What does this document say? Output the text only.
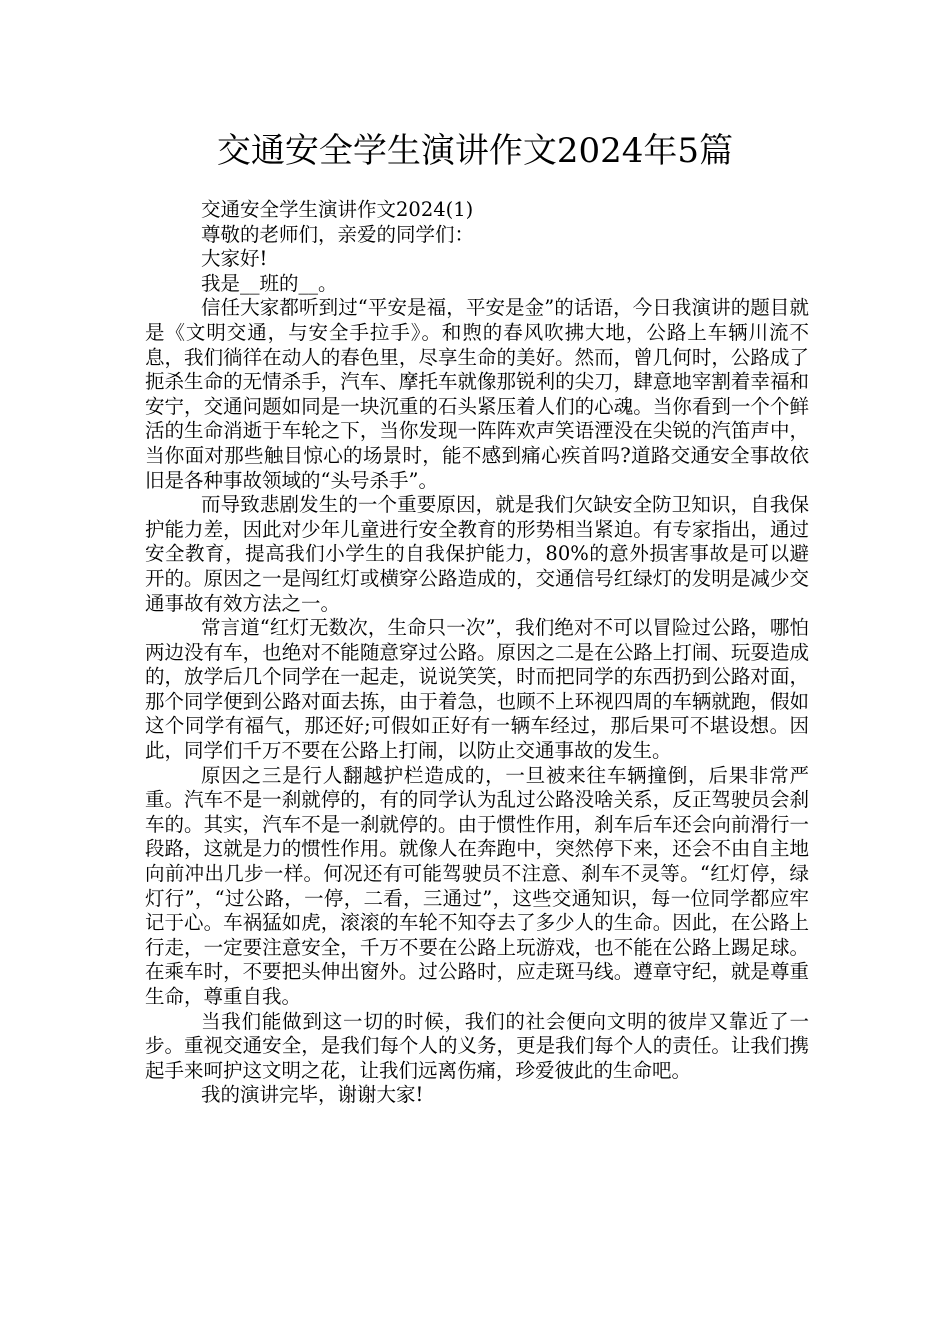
交通安全学生演讲作文2024年5篇

交通安全学生演讲作文2024(1)

尊敬的老师们，亲爱的同学们：

大家好!

我是__班的__。

信任大家都听到过“平安是福，平安是金”的话语，今日我演讲的题目就是《文明交通，与安全手拉手》。和煦的春风吹拂大地，公路上车辆川流不息，我们徜徉在动人的春色里，尽享生命的美好。然而，曾几何时，公路成了扼杀生命的无情杀手，汽车、摩托车就像那锐利的尖刀，肆意地宰割着幸福和安宁，交通问题如同是一块沉重的石头紧压着人们的心魂。当你看到一个个鲜活的生命消逝于车轮之下，当你发现一阵阵欢声笑语湮没在尖锐的汽笛声中，当你面对那些触目惊心的场景时，能不感到痛心疾首吗?道路交通安全事故依旧是各种事故领域的“头号杀手”。

而导致悲剧发生的一个重要原因，就是我们欠缺安全防卫知识，自我保护能力差，因此对少年儿童进行安全教育的形势相当紧迫。有专家指出，通过安全教育，提高我们小学生的自我保护能力，80%的意外损害事故是可以避开的。原因之一是闯红灯或横穿公路造成的，交通信号红绿灯的发明是减少交通事故有效方法之一。

常言道“红灯无数次，生命只一次”，我们绝对不可以冒险过公路，哪怕两边没有车，也绝对不能随意穿过公路。原因之二是在公路上打闹、玩耍造成的，放学后几个同学在一起走，说说笑笑，时而把同学的东西扔到公路对面，那个同学便到公路对面去拣，由于着急，也顾不上环视四周的车辆就跑，假如这个同学有福气，那还好;可假如正好有一辆车经过，那后果可不堪设想。因此，同学们千万不要在公路上打闹，以防止交通事故的发生。

原因之三是行人翻越护栏造成的，一旦被来往车辆撞倒，后果非常严重。汽车不是一刹就停的，有的同学认为乱过公路没啥关系，反正驾驶员会刹车的。其实，汽车不是一刹就停的。由于惯性作用，刹车后车还会向前滑行一段路，这就是力的惯性作用。就像人在奔跑中，突然停下来，还会不由自主地向前冲出几步一样。何况还有可能驾驶员不注意、刹车不灵等。“红灯停，绿灯行”，“过公路，一停，二看，三通过”，这些交通知识，每一位同学都应牢记于心。车祸猛如虎，滚滚的车轮不知夺去了多少人的生命。因此，在公路上行走，一定要注意安全，千万不要在公路上玩游戏，也不能在公路上踢足球。在乘车时，不要把头伸出窗外。过公路时，应走斑马线。遵章守纪，就是尊重生命，尊重自我。

当我们能做到这一切的时候，我们的社会便向文明的彼岸又靠近了一步。重视交通安全，是我们每个人的义务，更是我们每个人的责任。让我们携起手来呵护这文明之花，让我们远离伤痛，珍爱彼此的生命吧。

我的演讲完毕，谢谢大家!
